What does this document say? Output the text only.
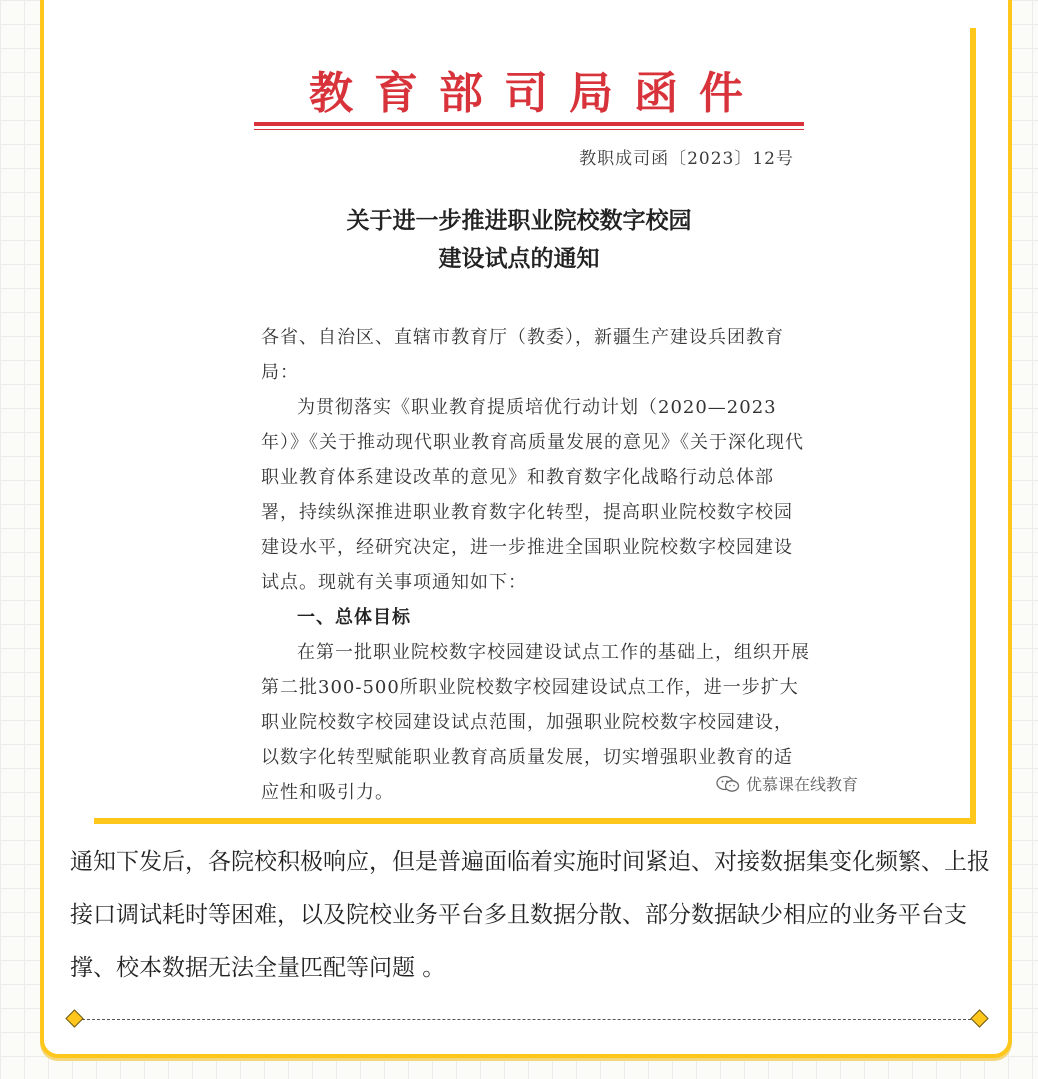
教育部司局函件
教职成司函〔2023〕12号
关于进一步推进职业院校数字校园
建设试点的通知

各省、自治区、直辖市教育厅（教委），新疆生产建设兵团教育局：

为贯彻落实《职业教育提质培优行动计划（2020—2023年）》《关于推动现代职业教育高质量发展的意见》《关于深化现代职业教育体系建设改革的意见》和教育数字化战略行动总体部署，持续纵深推进职业教育数字化转型，提高职业院校数字校园建设水平，经研究决定，进一步推进全国职业院校数字校园建设试点。现就有关事项通知如下：

一、总体目标

在第一批职业院校数字校园建设试点工作的基础上，组织开展第二批300-500所职业院校数字校园建设试点工作，进一步扩大职业院校数字校园建设试点范围，加强职业院校数字校园建设，以数字化转型赋能职业教育高质量发展，切实增强职业教育的适应性和吸引力。	优慕课在线教育

通知下发后，各院校积极响应，但是普遍面临着实施时间紧迫、对接数据集变化频繁、上报接口调试耗时等困难，以及院校业务平台多且数据分散、部分数据缺少相应的业务平台支撑、校本数据无法全量匹配等问题 。
